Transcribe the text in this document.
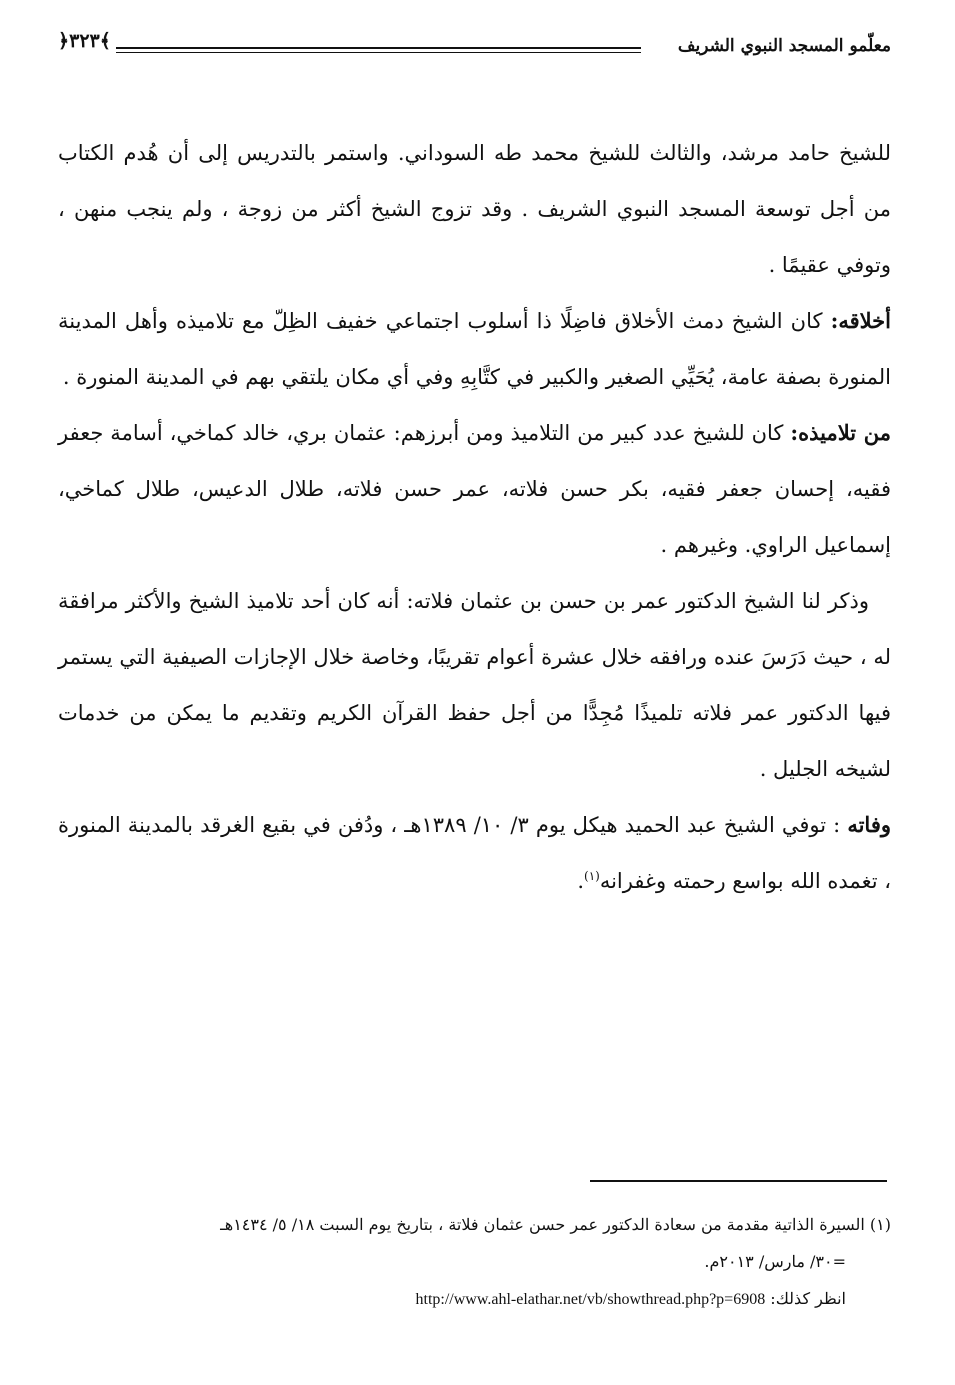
معلّمو المسجد النبوي الشريف
﴿٣٢٣﴾

للشيخ حامد مرشد، والثالث للشيخ محمد طه السوداني. واستمر بالتدريس إلى أن هُدم الكتاب من أجل توسعة المسجد النبوي الشريف . وقد تزوج الشيخ أكثر من زوجة ، ولم ينجب منهن ، وتوفي عقيمًا .

أخلاقه: كان الشيخ دمث الأخلاق فاضِلًا ذا أسلوب اجتماعي خفيف الظِلّ مع تلاميذه وأهل المدينة المنورة بصفة عامة، يُحَيِّي الصغير والكبير في كتَّابِهِ وفي أي مكان يلتقي بهم في المدينة المنورة .

من تلاميذه: كان للشيخ عدد كبير من التلاميذ ومن أبرزهم: عثمان بري، خالد كماخي، أسامة جعفر فقيه، إحسان جعفر فقيه، بكر حسن فلاته، عمر حسن فلاته، طلال الدعيس، طلال كماخي، إسماعيل الراوي. وغيرهم .

وذكر لنا الشيخ الدكتور عمر بن حسن بن عثمان فلاته: أنه كان أحد تلاميذ الشيخ والأكثر مرافقة له ، حيث دَرَسَ عنده ورافقه خلال عشرة أعوام تقريبًا، وخاصة خلال الإجازات الصيفية التي يستمر فيها الدكتور عمر فلاته تلميذًا مُجِدًّا من أجل حفظ القرآن الكريم وتقديم ما يمكن من خدمات لشيخه الجليل .

وفاته : توفي الشيخ عبد الحميد هيكل يوم ٣/ ١٠/ ١٣٨٩هـ ، ودُفن في بقيع الغرقد بالمدينة المنورة ، تغمده الله بواسع رحمته وغفرانه$^{(١)}$.

(١) السيرة الذاتية مقدمة من سعادة الدكتور عمر حسن عثمان فلاتة ، بتاريخ يوم السبت ١٨/ ٥/ ١٤٣٤هـ

=٣٠/ مارس/ ٢٠١٣م.

انظر كذلك: http://www.ahl-elathar.net/vb/showthread.php?p=6908
